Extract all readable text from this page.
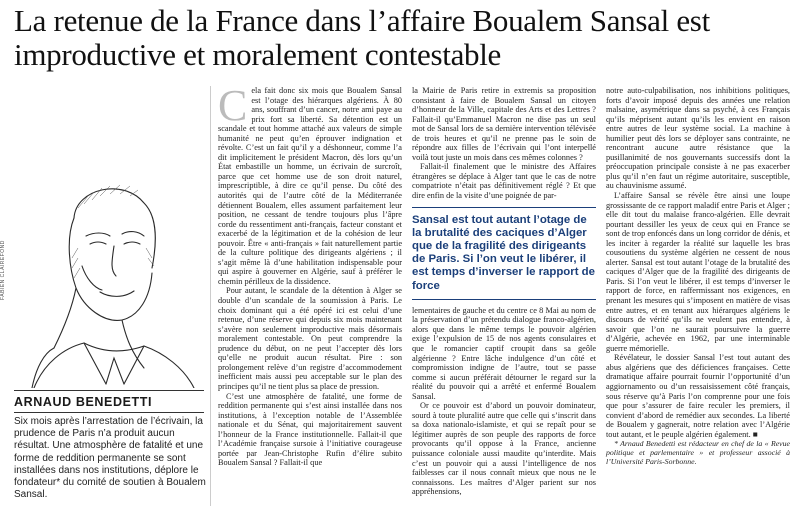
La retenue de la France dans l’affaire Boualem Sansal est improductive et moralement contestable
FABIEN CLAIREFOND
ARNAUD BENEDETTI

Six mois après l’arrestation de l’écrivain, la prudence de Paris n’a produit aucun résultat. Une atmosphère de fatalité et une forme de reddition permanente se sont installées dans nos institutions, déplore le fondateur* du comité de soutien à Boualem Sansal.

Cela fait donc six mois que Boualem Sansal est l’otage des hiérarques algériens. À 80 ans, souffrant d’un cancer, notre ami paye au prix fort sa liberté. Sa détention est un scandale et tout homme attaché aux valeurs de simple humanité ne peut qu’en éprouver indignation et révolte. C’est un fait qu’il y a déshonneur, comme l’a dit implicitement le président Macron, dès lors qu’un État embastille un homme, un écrivain de surcroît, parce que cet homme use de son droit naturel, imprescriptible, à dire ce qu’il pense. Du côté des autorités qui de l’autre côté de la Méditerranée détiennent Boualem, elles assument parfaitement leur position, ne cessant de tendre toujours plus l’âpre corde du ressentiment anti-français, facteur constant et exacerbé de la légitimation et de la cohésion de leur pouvoir. Être « anti-français » fait naturellement partie de la culture politique des dirigeants algériens ; il s’agit même là d’une habilitation indispensable pour qui aspire à gouverner en Algérie, sauf à préférer le chemin périlleux de la dissidence.

Pour autant, le scandale de la détention à Alger se double d’un scandale de la soumission à Paris. Le choix dominant qui a été opéré ici est celui d’une retenue, d’une réserve qui depuis six mois maintenant s’avère non seulement improductive mais désormais moralement contestable. On peut comprendre la prudence du début, on ne peut l’accepter dès lors qu’elle ne produit aucun résultat. Pire : son prolongement relève d’un registre d’accommodement inefficient mais aussi peu acceptable sur le plan des principes qu’il ne tient plus sa place de pression.

C’est une atmosphère de fatalité, une forme de reddition permanente qui s’est ainsi installée dans nos institutions, à l’exception notable de l’Assemblée nationale et du Sénat, qui majoritairement sauvent l’honneur de la France institutionnelle. Fallait-il que l’Académie française sursoie à l’initiative courageuse portée par Jean-Christophe Rufin d’élire subito Boualem Sansal ? Fallait-il que

la Mairie de Paris retire in extremis sa proposition consistant à faire de Boualem Sansal un citoyen d’honneur de la Ville, capitale des Arts et des Lettres ? Fallait-il qu’Emmanuel Macron ne dise pas un seul mot de Sansal lors de sa dernière intervention télévisée de trois heures et qu’il ne prenne pas le soin de répondre aux filles de l’écrivain qui l’ont interpellé voilà tout juste un mois dans ces mêmes colonnes ?

Fallait-il finalement que le ministre des Affaires étrangères se déplace à Alger tant que le cas de notre compatriote n’était pas définitivement réglé ? Et que dire enfin de la visite d’une poignée de par-

Sansal est tout autant l’otage de la brutalité des caciques d’Alger que de la fragilité des dirigeants de Paris. Si l’on veut le libérer, il est temps d’inverser le rapport de force

lementaires de gauche et du centre ce 8 Mai au nom de la préservation d’un prétendu dialogue franco-algérien, alors que dans le même temps le pouvoir algérien exige l’expulsion de 15 de nos agents consulaires et que le romancier captif croupit dans sa geôle algérienne ? Entre lâche indulgence d’un côté et compromission indigne de l’autre, tout se passe comme si aucun préférait détourner le regard sur la réalité du pouvoir qui a arrêté et enfermé Boualem Sansal.

Or ce pouvoir est d’abord un pouvoir dominateur, sourd à toute pluralité autre que celle qui s’inscrit dans sa doxa nationalo-islamiste, et qui se repaît pour se légitimer auprès de son peuple des rapports de force provocants qu’il oppose à la France, ancienne puissance coloniale aussi maudite qu’interdite. Mais c’est un pouvoir qui a aussi l’intelligence de nos faiblesses car il nous connaît mieux que nous ne le connaissons. Les maîtres d’Alger parient sur nos appréhensions,

notre auto-culpabilisation, nos inhibitions politiques, forts d’avoir imposé depuis des années une relation malsaine, asymétrique dans sa psyché, à ces Français qu’ils méprisent autant qu’ils les envient en raison entre autres de leur système social. La machine à humilier peut dès lors se déployer sans contrainte, ne rencontrant aucune autre résistance que la pusillanimité de nos gouvernants successifs dont la préoccupation principale consiste à ne pas exacerber plus qu’il n’en faut un régime autoritaire, susceptible, au chauvinisme assumé.

L’affaire Sansal se révèle être ainsi une loupe grossissante de ce rapport maladif entre Paris et Alger ; elle dit tout du malaise franco-algérien. Elle devrait pourtant dessiller les yeux de ceux qui en France se sont de trop enfoncés dans un long corridor de dénis, et les inciter à regarder la réalité sur laquelle les bras cousoutiens du système algérien ne cessent de nous alerter. Sansal est tout autant l’otage de la brutalité des caciques d’Alger que de la fragilité des dirigeants de Paris. Si l’on veut le libérer, il est temps d’inverser le rapport de force, en raffermissant nos exigences, en prenant les mesures qui s’imposent en matière de visas entre autres, et en tenant aux hiérarques algériens le discours de vérité qu’ils ne veulent pas entendre, à savoir que l’on ne saurait poursuivre la guerre d’Algérie, achevée en 1962, par une interminable guerre mémorielle.

Révélateur, le dossier Sansal l’est tout autant des abus algériens que des déficiences françaises. Cette dramatique affaire pourrait fournir l’opportunité d’un aggiornamento ou d’un ressaisissement côté français, sous réserve qu’à Paris l’on comprenne pour une fois que pour s’assurer de faire reculer les premiers, il convient d’abord de remédier aux secondes. La liberté de Boualem y gagnerait, notre relation avec l’Algérie tout autant, et le peuple algérien également. ■

* Arnaud Benedetti est rédacteur en chef de la « Revue politique et parlementaire » et professeur associé à l’Université Paris-Sorbonne.
